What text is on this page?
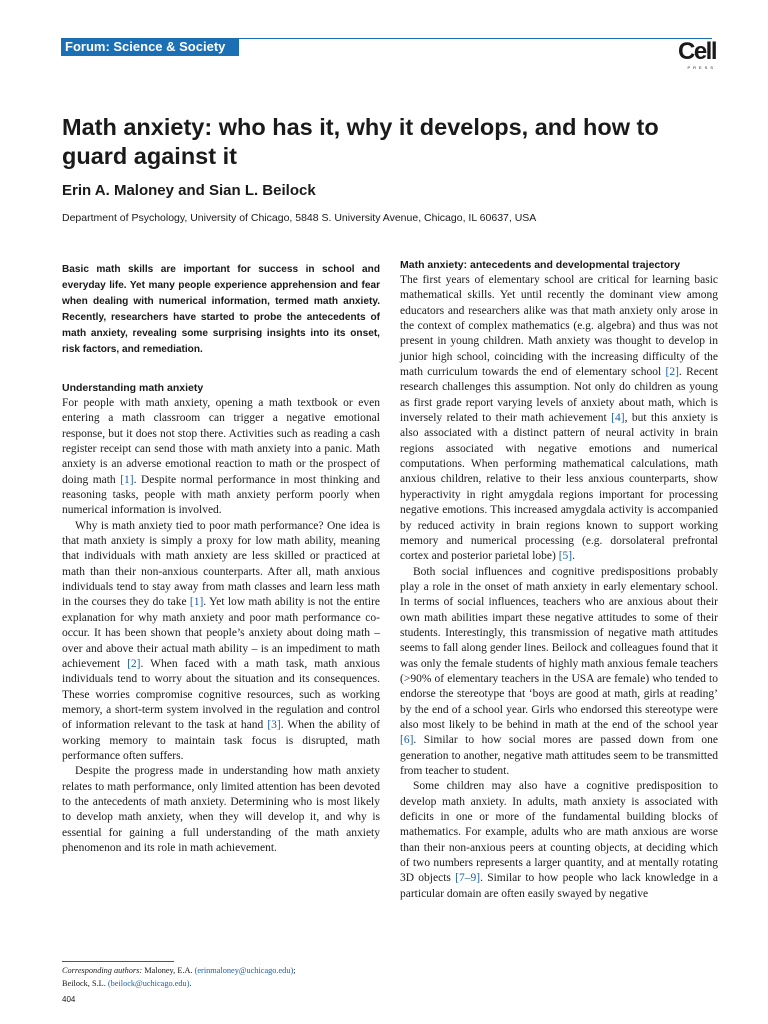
Forum: Science & Society	Cell
PRESS
Math anxiety: who has it, why it develops, and how to guard against it

Erin A. Maloney and Sian L. Beilock

Department of Psychology, University of Chicago, 5848 S. University Avenue, Chicago, IL 60637, USA

Basic math skills are important for success in school and everyday life. Yet many people experience apprehension and fear when dealing with numerical information, termed math anxiety. Recently, researchers have started to probe the antecedents of math anxiety, revealing some surprising insights into its onset, risk factors, and remediation.

Understanding math anxiety

For people with math anxiety, opening a math textbook or even entering a math classroom can trigger a negative emotional response, but it does not stop there. Activities such as reading a cash register receipt can send those with math anxiety into a panic. Math anxiety is an adverse emotional reaction to math or the prospect of doing math [1]. Despite normal performance in most thinking and reasoning tasks, people with math anxiety perform poorly when numerical information is involved.

Why is math anxiety tied to poor math performance? One idea is that math anxiety is simply a proxy for low math ability, meaning that individuals with math anxiety are less skilled or practiced at math than their non-anxious counterparts. After all, math anxious individuals tend to stay away from math classes and learn less math in the courses they do take [1]. Yet low math ability is not the entire explanation for why math anxiety and poor math performance co-occur. It has been shown that people’s anxiety about doing math – over and above their actual math ability – is an impediment to math achievement [2]. When faced with a math task, math anxious individuals tend to worry about the situation and its consequences. These worries compromise cognitive resources, such as working memory, a short-term system involved in the regulation and control of information relevant to the task at hand [3]. When the ability of working memory to maintain task focus is disrupted, math performance often suffers.

Despite the progress made in understanding how math anxiety relates to math performance, only limited attention has been devoted to the antecedents of math anxiety. Determining who is most likely to develop math anxiety, when they will develop it, and why is essential for gaining a full understanding of the math anxiety phenomenon and its role in math achievement.

Math anxiety: antecedents and developmental trajectory

The first years of elementary school are critical for learning basic mathematical skills. Yet until recently the dominant view among educators and researchers alike was that math anxiety only arose in the context of complex mathematics (e.g. algebra) and thus was not present in young children. Math anxiety was thought to develop in junior high school, coinciding with the increasing difficulty of the math curriculum towards the end of elementary school [2]. Recent research challenges this assumption. Not only do children as young as first grade report varying levels of anxiety about math, which is inversely related to their math achievement [4], but this anxiety is also associated with a distinct pattern of neural activity in brain regions associated with negative emotions and numerical computations. When performing mathematical calculations, math anxious children, relative to their less anxious counterparts, show hyperactivity in right amygdala regions important for processing negative emotions. This increased amygdala activity is accompanied by reduced activity in brain regions known to support working memory and numerical processing (e.g. dorsolateral prefrontal cortex and posterior parietal lobe) [5].

Both social influences and cognitive predispositions probably play a role in the onset of math anxiety in early elementary school. In terms of social influences, teachers who are anxious about their own math abilities impart these negative attitudes to some of their students. Interestingly, this transmission of negative math attitudes seems to fall along gender lines. Beilock and colleagues found that it was only the female students of highly math anxious female teachers (>90% of elementary teachers in the USA are female) who tended to endorse the stereotype that ‘boys are good at math, girls at reading’ by the end of a school year. Girls who endorsed this stereotype were also most likely to be behind in math at the end of the school year [6]. Similar to how social mores are passed down from one generation to another, negative math attitudes seem to be transmitted from teacher to student.

Some children may also have a cognitive predisposition to develop math anxiety. In adults, math anxiety is associated with deficits in one or more of the fundamental building blocks of mathematics. For example, adults who are math anxious are worse than their non-anxious peers at counting objects, at deciding which of two numbers represents a larger quantity, and at mentally rotating 3D objects [7–9]. Similar to how people who lack knowledge in a particular domain are often easily swayed by negative

Corresponding authors: Maloney, E.A. (erinmaloney@uchicago.edu);
Beilock, S.L. (beilock@uchicago.edu).

404
